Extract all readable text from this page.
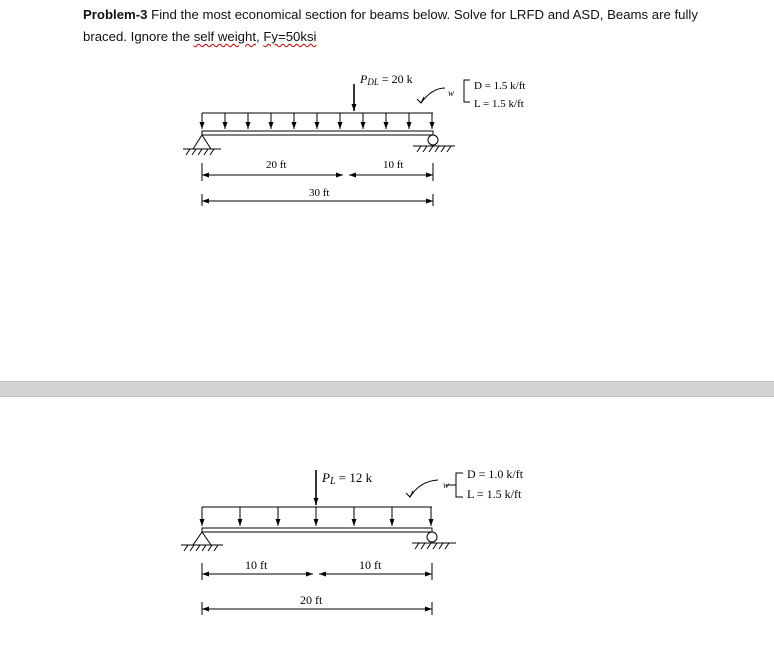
Problem-3 Find the most economical section for beams below. Solve for LRFD and ASD, Beams are fully braced. Ignore the self weight, Fy=50ksi
PDL = 20 k
w
D = 1.5 k/ft
L = 1.5 k/ft
20 ft	10 ft
30 ft
PL = 12 k	w
D = 1.0 k/ft
L = 1.5 k/ft
10 ft	10 ft
20 ft
